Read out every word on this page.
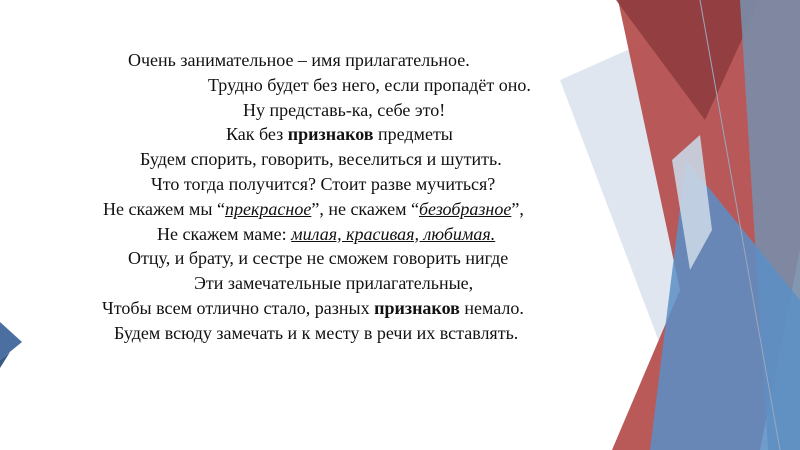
Очень занимательное – имя прилагательное.
Трудно будет без него, если пропадёт оно.
Ну представь-ка, себе это!
Как без признаков предметы
Будем спорить, говорить, веселиться и шутить.
Что тогда получится? Стоит разве мучиться?
Не скажем мы “прекрасное”, не скажем “безобразное”,
Не скажем маме: милая, красивая, любимая.
Отцу, и брату, и сестре не сможем говорить нигде
Эти замечательные прилагательные,
Чтобы всем отлично стало, разных признаков немало.
Будем всюду замечать и к месту в речи их вставлять.
